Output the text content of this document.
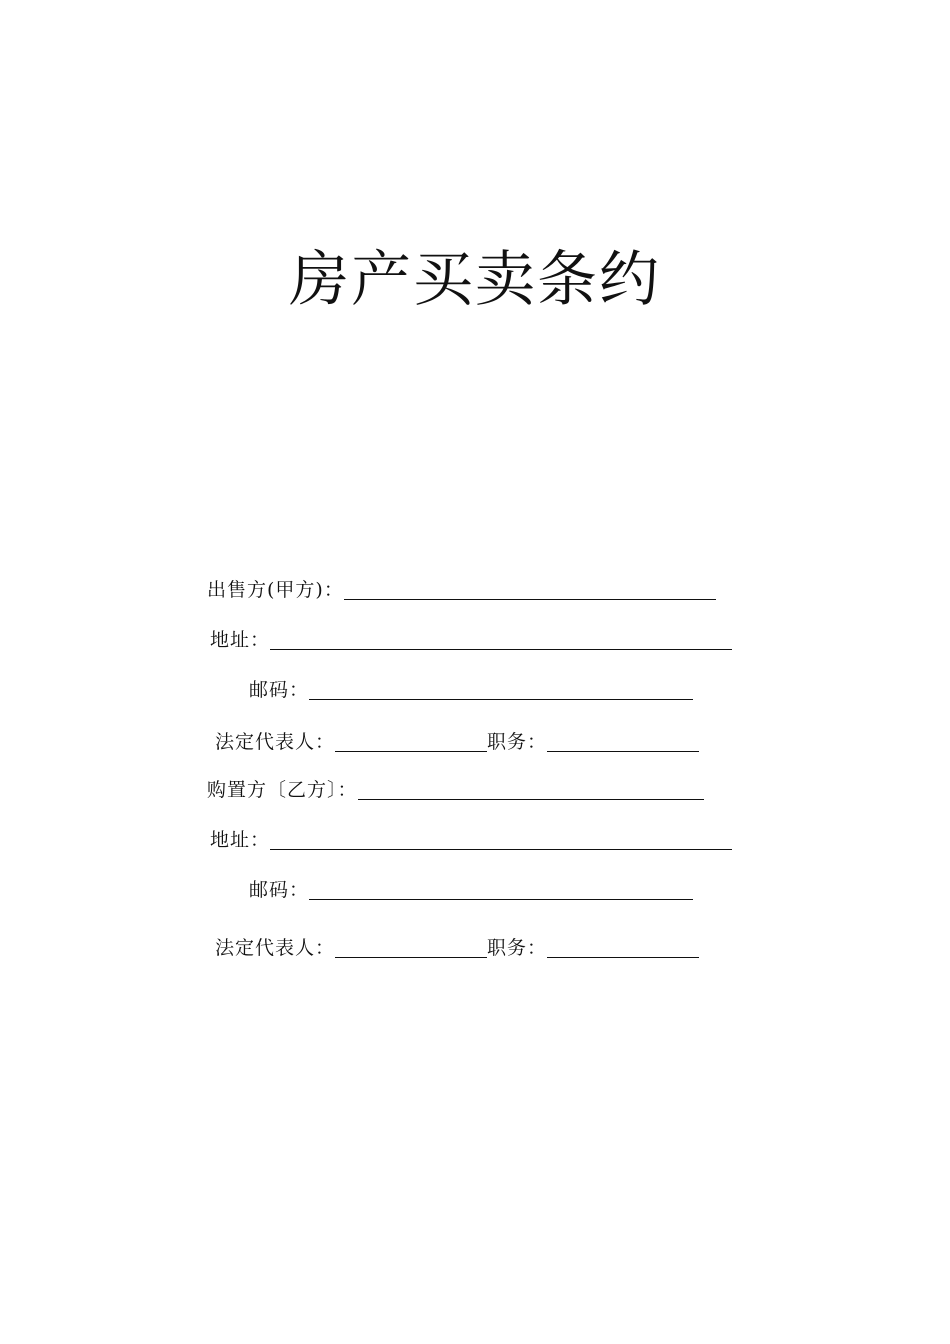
房产买卖条约
出售方(甲方)：
地址：
邮码：
法定代表人：	职务：
购置方〔乙方〕：
地址：
邮码：
法定代表人：	职务：
